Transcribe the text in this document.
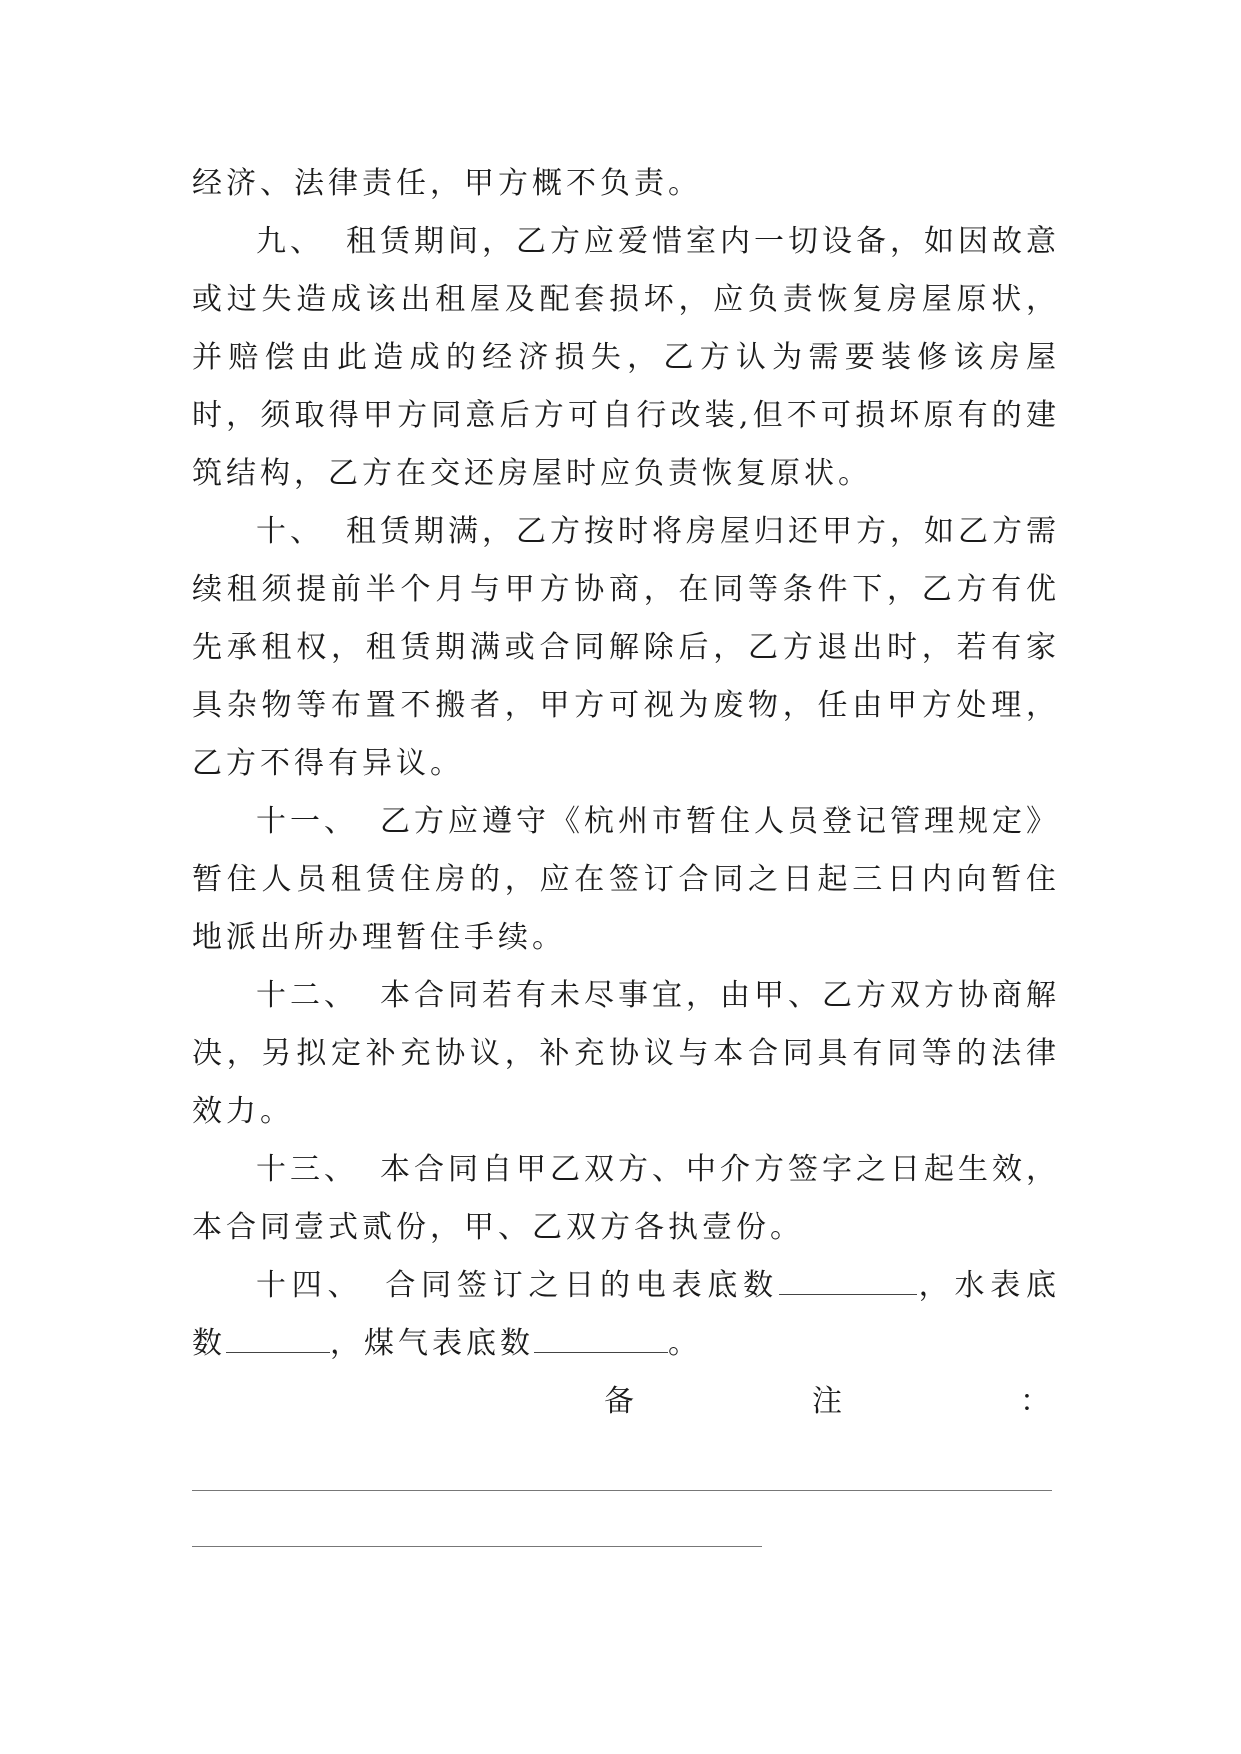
经济、法律责任，甲方概不负责。

九、 租赁期间，乙方应爱惜室内一切设备，如因故意或过失造成该出租屋及配套损坏，应负责恢复房屋原状，并赔偿由此造成的经济损失，乙方认为需要装修该房屋时，须取得甲方同意后方可自行改装,但不可损坏原有的建筑结构，乙方在交还房屋时应负责恢复原状。

十、 租赁期满，乙方按时将房屋归还甲方，如乙方需续租须提前半个月与甲方协商，在同等条件下，乙方有优先承租权，租赁期满或合同解除后，乙方退出时，若有家具杂物等布置不搬者，甲方可视为废物，任由甲方处理，乙方不得有异议。

十一、 乙方应遵守《杭州市暂住人员登记管理规定》暂住人员租赁住房的，应在签订合同之日起三日内向暂住地派出所办理暂住手续。

十二、 本合同若有未尽事宜，由甲、乙方双方协商解决，另拟定补充协议，补充协议与本合同具有同等的法律效力。

十三、 本合同自甲乙双方、中介方签字之日起生效，本合同壹式贰份，甲、乙双方各执壹份。

十四、 合同签订之日的电表底数	，水表底数	，煤气表底数	。

备	注	：
